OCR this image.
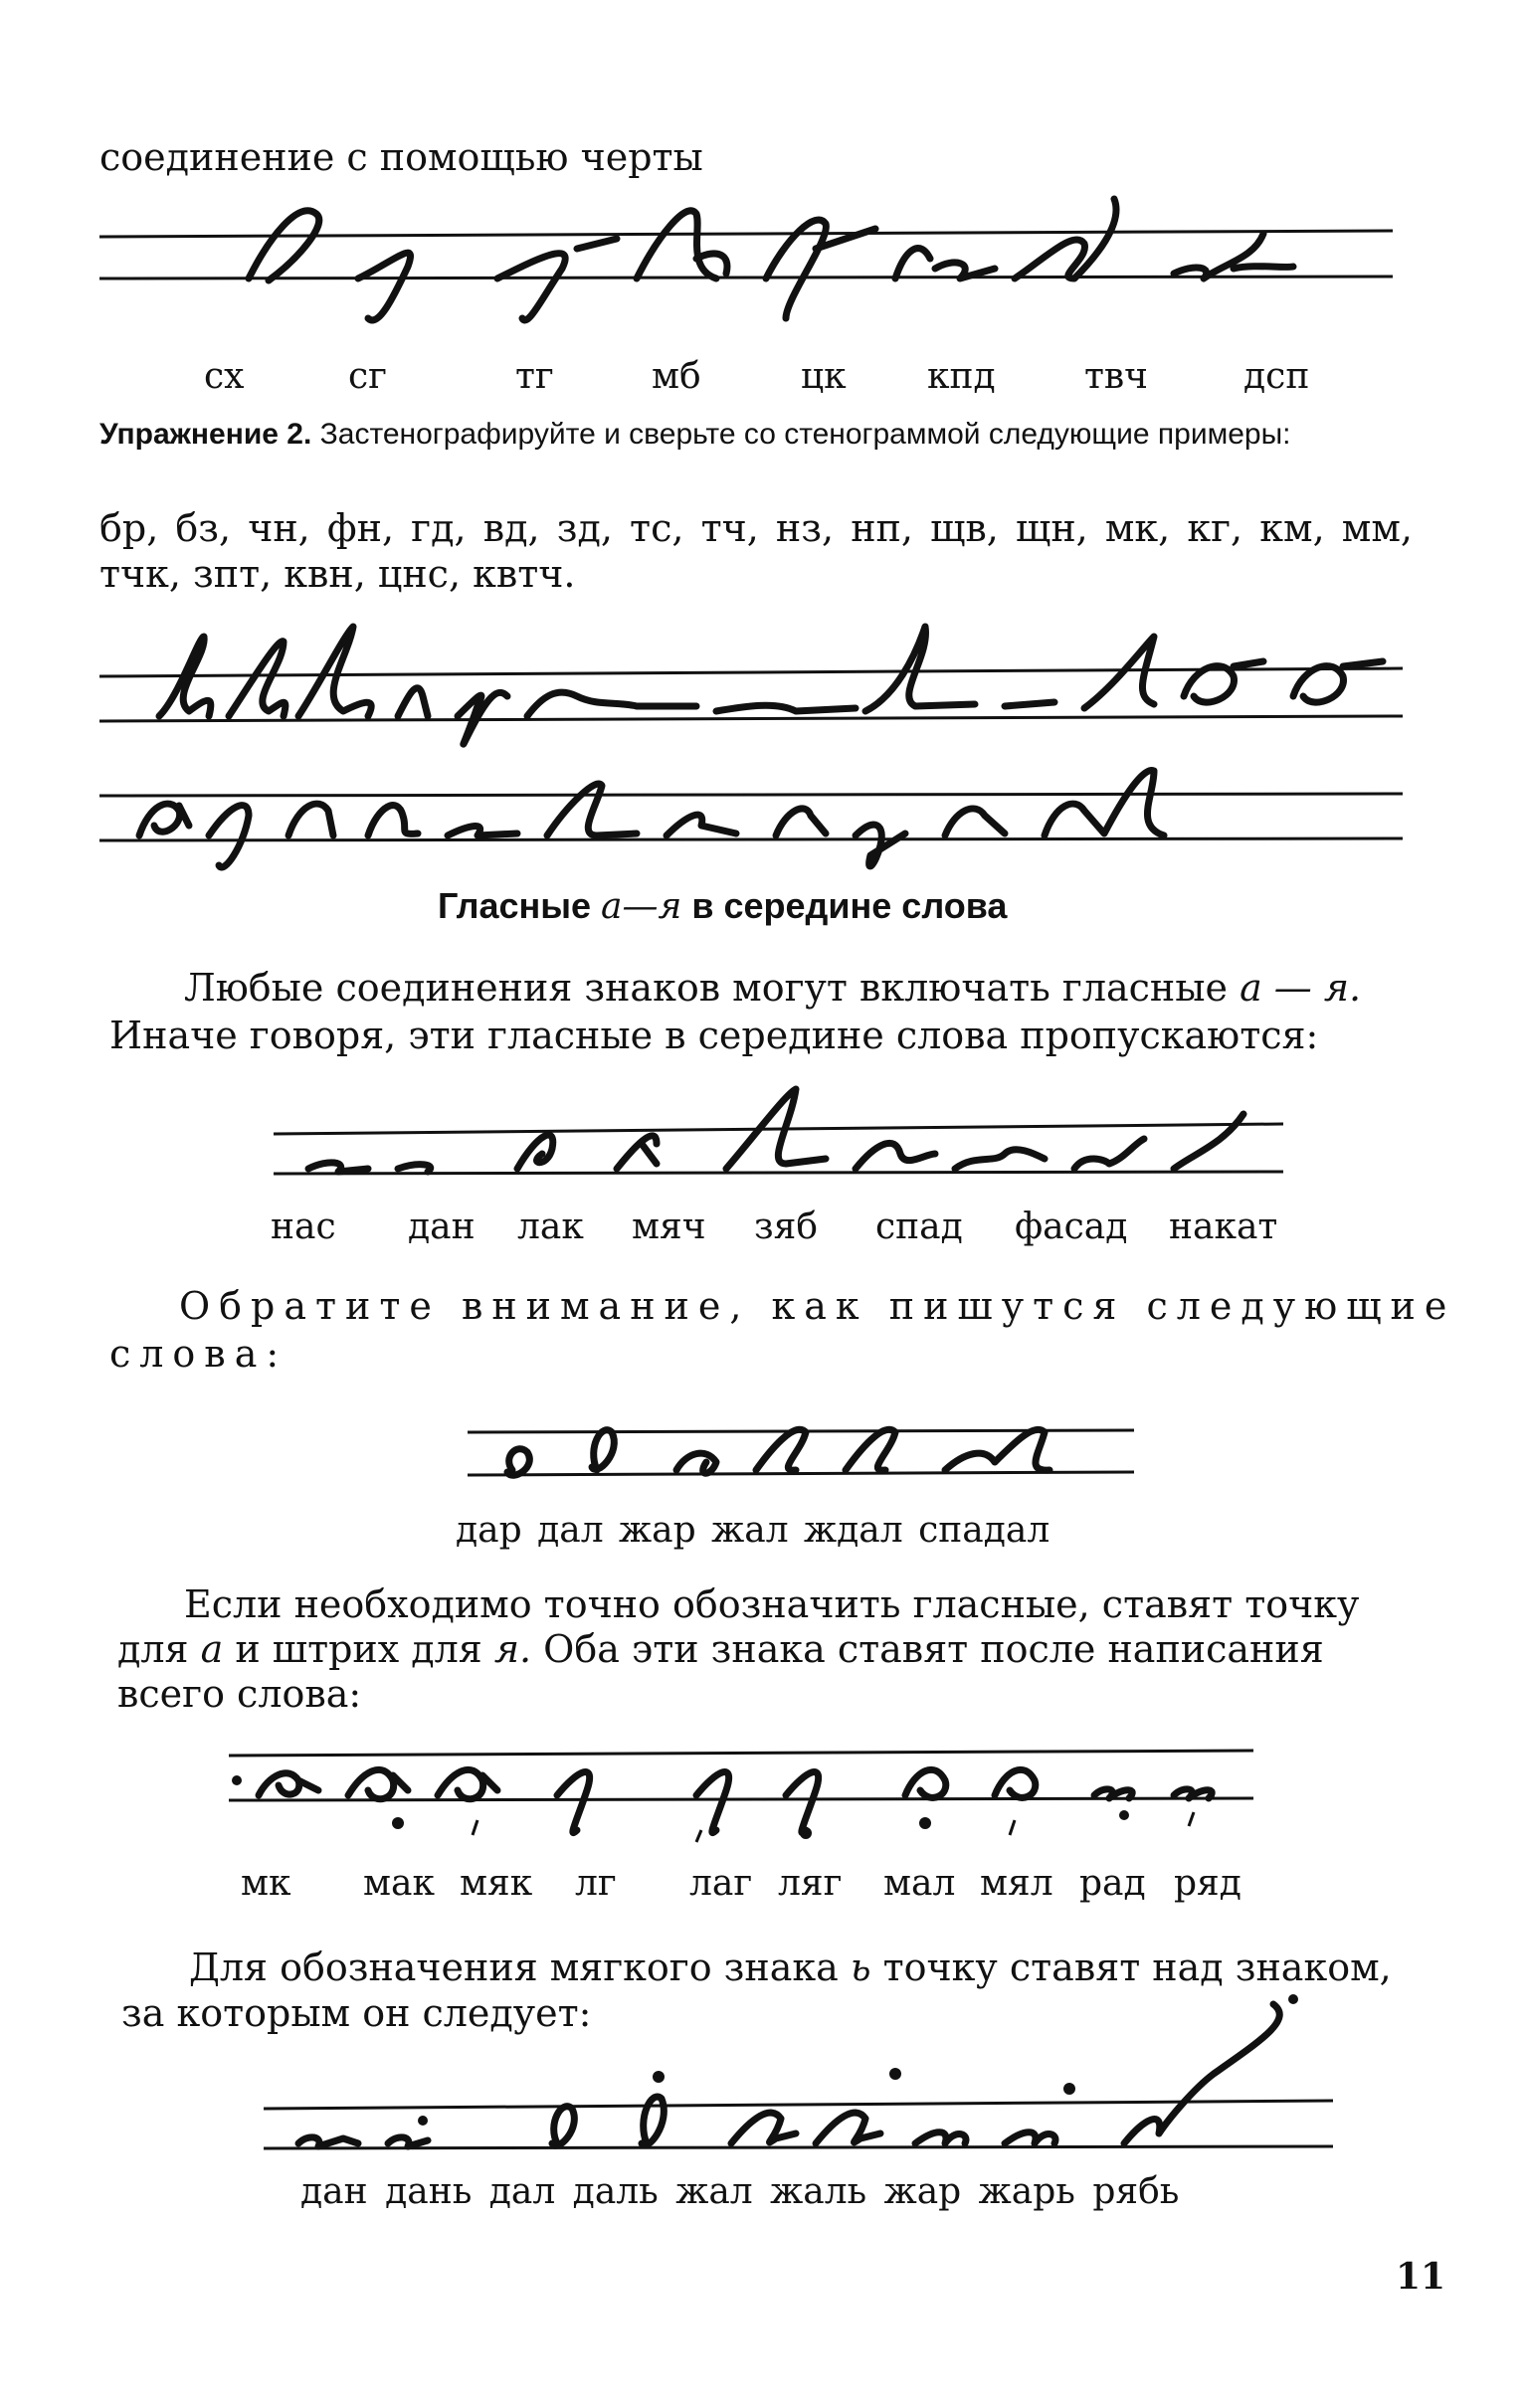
соединение с помощью черты
сх	сг	тг	мб	цк кпд твч	дсп
Упражнение 2. Застенографируйте и сверьте со стенограммой следующие примеры:
бр, бз, чн, фн, гд, вд, зд, тс, тч, нз, нп, щв, щн, мк, кг, км, мм, тчк, зпт, квн, цнс, квтч.
Гласные а—я в середине слова
Любые соединения знаков могут включать гласные а — я.
Иначе говоря, эти гласные в середине слова пропускаются:
нас дан лак мяч зяб спад фасад накат
Обратите внимание, как пишутся следующие
слова:
дар дал жар жал ждал спадал
Если необходимо точно обозначить гласные, ставят точку
для а и штрих для я. Оба эти знака ставят после написания
всего слова:
мк мак мяк лг лаг ляг мал мял рад ряд
Для обозначения мягкого знака ь точку ставят над знаком,
за которым он следует:
дан дань дал даль жал жаль жар жарь рябь
11
